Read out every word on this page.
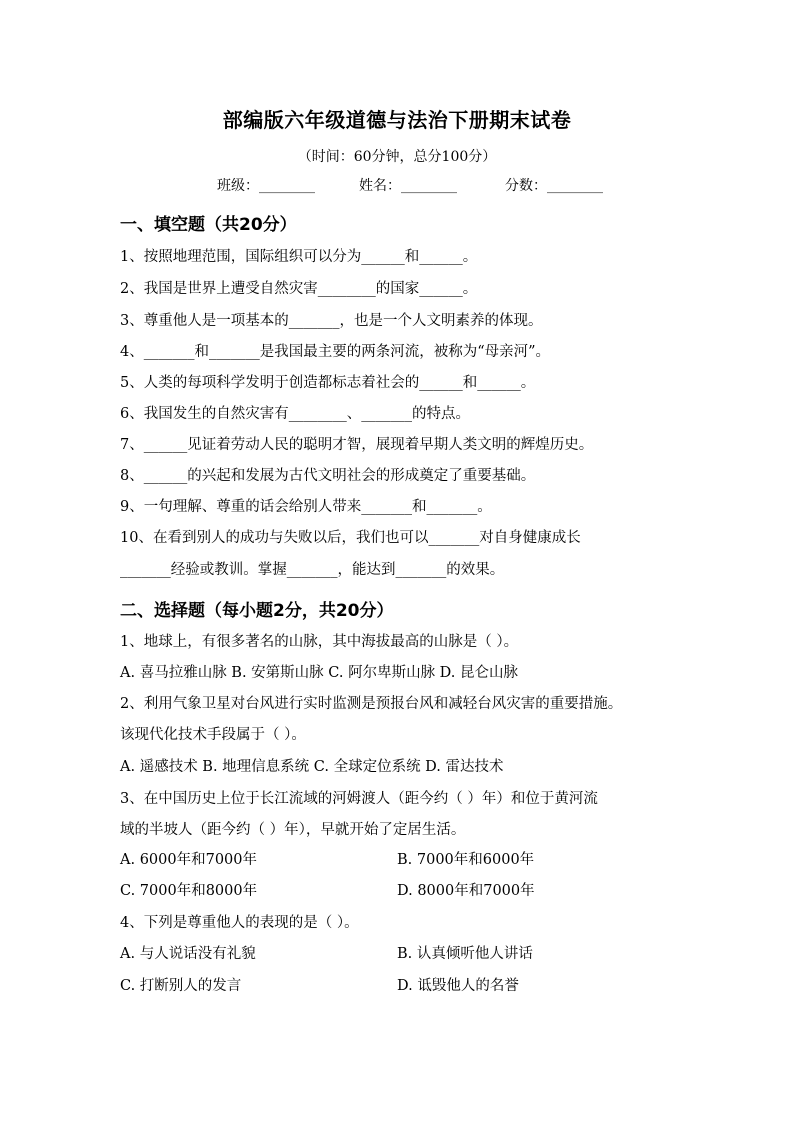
部编版六年级道德与法治下册期末试卷
（时间：60分钟，总分100分）
班级：________	姓名：________	分数：________
一、填空题（共20分）
1、按照地理范围，国际组织可以分为______和______。
2、我国是世界上遭受自然灾害________的国家______。
3、尊重他人是一项基本的_______，也是一个人文明素养的体现。
4、_______和_______是我国最主要的两条河流，被称为“母亲河”。
5、人类的每项科学发明于创造都标志着社会的______和______。
6、我国发生的自然灾害有________、_______的特点。
7、______见证着劳动人民的聪明才智，展现着早期人类文明的辉煌历史。
8、______的兴起和发展为古代文明社会的形成奠定了重要基础。
9、一句理解、尊重的话会给别人带来_______和_______。
10、在看到别人的成功与失败以后，我们也可以_______对自身健康成长
_______经验或教训。掌握_______，能达到_______的效果。
二、选择题（每小题2分，共20分）
1、地球上，有很多著名的山脉，其中海拔最高的山脉是（ ）。
A. 喜马拉雅山脉 B. 安第斯山脉 C. 阿尔卑斯山脉 D. 昆仑山脉
2、利用气象卫星对台风进行实时监测是预报台风和减轻台风灾害的重要措施。
该现代化技术手段属于（ ）。
A. 遥感技术 B. 地理信息系统 C. 全球定位系统 D. 雷达技术
3、在中国历史上位于长江流域的河姆渡人（距今约（ ）年）和位于黄河流
域的半坡人（距今约（ ）年），早就开始了定居生活。
A. 6000年和7000年	B. 7000年和6000年
C. 7000年和8000年	D. 8000年和7000年
4、下列是尊重他人的表现的是（ ）。
A. 与人说话没有礼貌	B. 认真倾听他人讲话
C. 打断别人的发言	D. 诋毁他人的名誉
